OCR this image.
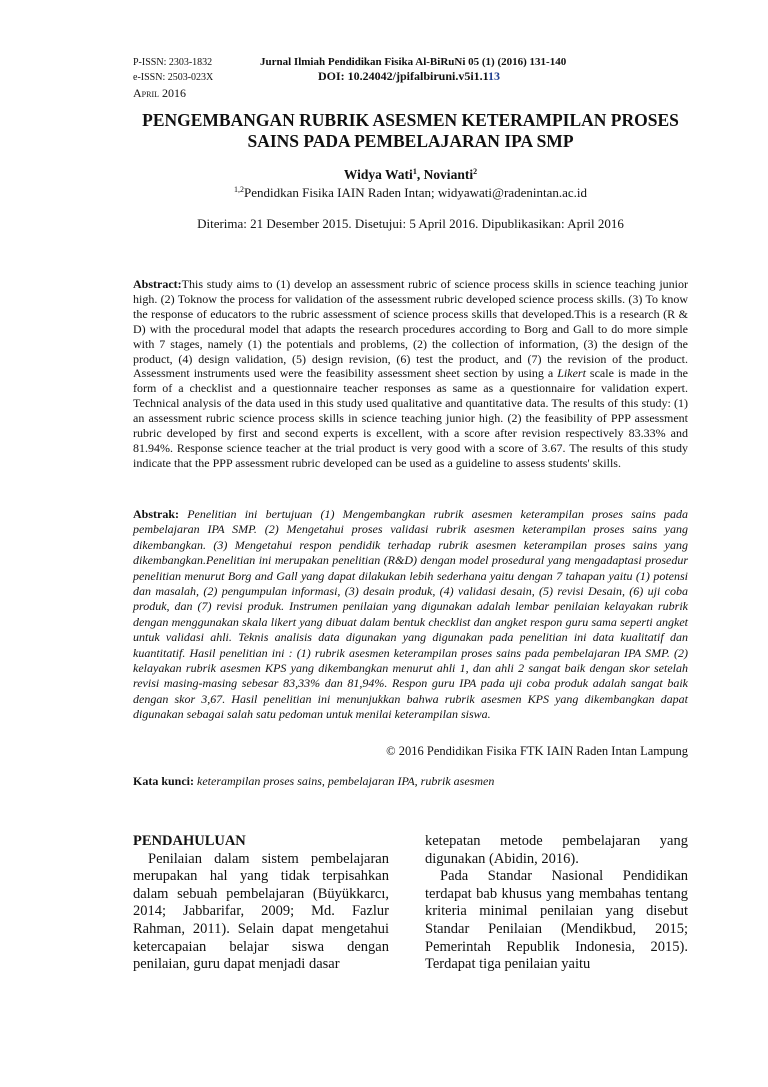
P-ISSN: 2303-1832	Jurnal Ilmiah Pendidikan Fisika Al-BiRuNi 05 (1) (2016) 131-140
e-ISSN: 2503-023X	DOI: 10.24042/jpifalbiruni.v5i1.113
April 2016
PENGEMBANGAN RUBRIK ASESMEN KETERAMPILAN PROSES
SAINS PADA PEMBELAJARAN IPA SMP
Widya Wati$^1$, Novianti$^2$
$^{1,2}$Pendidkan Fisika IAIN Raden Intan; widyawati@radenintan.ac.id
Diterima: 21 Desember 2015. Disetujui: 5 April 2016. Dipublikasikan: April 2016

Abstract:This study aims to (1) develop an assessment rubric of science process skills in science teaching junior high. (2) Toknow the process for validation of the assessment rubric developed science process skills. (3) To know the response of educators to the rubric assessment of science process skills that developed.This is a research (R & D) with the procedural model that adapts the research procedures according to Borg and Gall to do more simple with 7 stages, namely (1) the potentials and problems, (2) the collection of information, (3) the design of the product, (4) design validation, (5) design revision, (6) test the product, and (7) the revision of the product. Assessment instruments used were the feasibility assessment sheet section by using a Likert scale is made in the form of a checklist and a questionnaire teacher responses as same as a questionnaire for validation expert. Technical analysis of the data used in this study used qualitative and quantitative data. The results of this study: (1) an assessment rubric science process skills in science teaching junior high. (2) the feasibility of PPP assessment rubric developed by first and second experts is excellent, with a score after revision respectively 83.33% and 81.94%. Response science teacher at the trial product is very good with a score of 3.67. The results of this study indicate that the PPP assessment rubric developed can be used as a guideline to assess students' skills.

Abstrak: Penelitian ini bertujuan (1) Mengembangkan rubrik asesmen keterampilan proses sains pada pembelajaran IPA SMP. (2) Mengetahui proses validasi rubrik asesmen keterampilan proses sains yang dikembangkan. (3) Mengetahui respon pendidik terhadap rubrik asesmen keterampilan proses sains yang dikembangkan.Penelitian ini merupakan penelitian (R&D) dengan model prosedural yang mengadaptasi prosedur penelitian menurut Borg and Gall yang dapat dilakukan lebih sederhana yaitu dengan 7 tahapan yaitu (1) potensi dan masalah, (2) pengumpulan informasi, (3) desain produk, (4) validasi desain, (5) revisi Desain, (6) uji coba produk, dan (7) revisi produk. Instrumen penilaian yang digunakan adalah lembar penilaian kelayakan rubrik dengan menggunakan skala likert yang dibuat dalam bentuk checklist dan angket respon guru sama seperti angket untuk validasi ahli. Teknis analisis data digunakan yang digunakan pada penelitian ini data kualitatif dan kuantitatif. Hasil penelitian ini : (1) rubrik asesmen keterampilan proses sains pada pembelajaran IPA SMP. (2) kelayakan rubrik asesmen KPS yang dikembangkan menurut ahli 1, dan ahli 2 sangat baik dengan skor setelah revisi masing-masing sebesar 83,33% dan 81,94%. Respon guru IPA pada uji coba produk adalah sangat baik dengan skor 3,67. Hasil penelitian ini menunjukkan bahwa rubrik asesmen KPS yang dikembangkan dapat digunakan sebagai salah satu pedoman untuk menilai keterampilan siswa.

© 2016 Pendidikan Fisika FTK IAIN Raden Intan Lampung
Kata kunci: keterampilan proses sains, pembelajaran IPA, rubrik asesmen
PENDAHULUAN

Penilaian dalam sistem pembelajaran merupakan hal yang tidak terpisahkan dalam sebuah pembelajaran (Büyükkarcı, 2014; Jabbarifar, 2009; Md. Fazlur Rahman, 2011). Selain dapat mengetahui ketercapaian belajar siswa dengan penilaian, guru dapat menjadi dasar

ketepatan metode pembelajaran yang digunakan (Abidin, 2016).

Pada Standar Nasional Pendidikan terdapat bab khusus yang membahas tentang kriteria minimal penilaian yang disebut Standar Penilaian (Mendikbud, 2015; Pemerintah Republik Indonesia, 2015). Terdapat tiga penilaian yaitu
